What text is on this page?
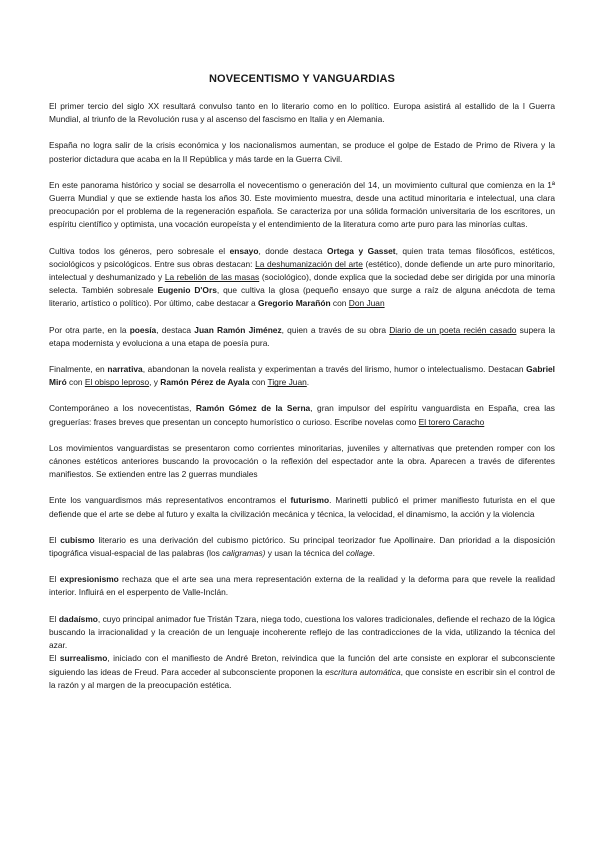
NOVECENTISMO Y VANGUARDIAS

El primer tercio del siglo XX resultará convulso tanto en lo literario como en lo político. Europa asistirá al estallido de la I Guerra Mundial, al triunfo de la Revolución rusa y al ascenso del fascismo en Italia y en Alemania.

España no logra salir de la crisis económica y los nacionalismos aumentan, se produce el golpe de Estado de Primo de Rivera y la posterior dictadura que acaba en la II República y más tarde en la Guerra Civil.

En este panorama histórico y social se desarrolla el novecentismo o generación del 14, un movimiento cultural que comienza en la 1ª Guerra Mundial y que se extiende hasta los años 30. Este movimiento muestra, desde una actitud minoritaria e intelectual, una clara preocupación por el problema de la regeneración española. Se caracteriza por una sólida formación universitaria de los escritores, un espíritu científico y optimista, una vocación europeísta y el entendimiento de la literatura como arte puro para las minorías cultas.

Cultiva todos los géneros, pero sobresale el ensayo, donde destaca Ortega y Gasset, quien trata temas filosóficos, estéticos, sociológicos y psicológicos. Entre sus obras destacan: La deshumanización del arte (estético), donde defiende un arte puro minoritario, intelectual y deshumanizado y La rebelión de las masas (sociológico), donde explica que la sociedad debe ser dirigida por una minoría selecta. También sobresale Eugenio D'Ors, que cultiva la glosa (pequeño ensayo que surge a raíz de alguna anécdota de tema literario, artístico o político). Por último, cabe destacar a Gregorio Marañón con Don Juan

Por otra parte, en la poesía, destaca Juan Ramón Jiménez, quien a través de su obra Diario de un poeta recién casado supera la etapa modernista y evoluciona a una etapa de poesía pura.

Finalmente, en narrativa, abandonan la novela realista y experimentan a través del lirismo, humor o intelectualismo. Destacan Gabriel Miró con El obispo leproso, y Ramón Pérez de Ayala con Tigre Juan.

Contemporáneo a los novecentistas, Ramón Gómez de la Serna, gran impulsor del espíritu vanguardista en España, crea las greguerías: frases breves que presentan un concepto humorístico o curioso. Escribe novelas como El torero Caracho

Los movimientos vanguardistas se presentaron como corrientes minoritarias, juveniles y alternativas que pretenden romper con los cánones estéticos anteriores buscando la provocación o la reflexión del espectador ante la obra. Aparecen a través de diferentes manifiestos. Se extienden entre las 2 guerras mundiales

Ente los vanguardismos más representativos encontramos el futurismo. Marinetti publicó el primer manifiesto futurista en el que defiende que el arte se debe al futuro y exalta la civilización mecánica y técnica, la velocidad, el dinamismo, la acción y la violencia

El cubismo literario es una derivación del cubismo pictórico. Su principal teorizador fue Apollinaire. Dan prioridad a la disposición tipográfica visual-espacial de las palabras (los caligramas) y usan la técnica del collage.

El expresionismo rechaza que el arte sea una mera representación externa de la realidad y la deforma para que revele la realidad interior. Influirá en el esperpento de Valle-Inclán.

El dadaísmo, cuyo principal animador fue Tristán Tzara, niega todo, cuestiona los valores tradicionales, defiende el rechazo de la lógica buscando la irracionalidad y la creación de un lenguaje incoherente reflejo de las contradicciones de la vida, utilizando la técnica del azar.

El surrealismo, iniciado con el manifiesto de André Breton, reivindica que la función del arte consiste en explorar el subconsciente siguiendo las ideas de Freud. Para acceder al subconsciente proponen la escritura automática, que consiste en escribir sin el control de la razón y al margen de la preocupación estética.
